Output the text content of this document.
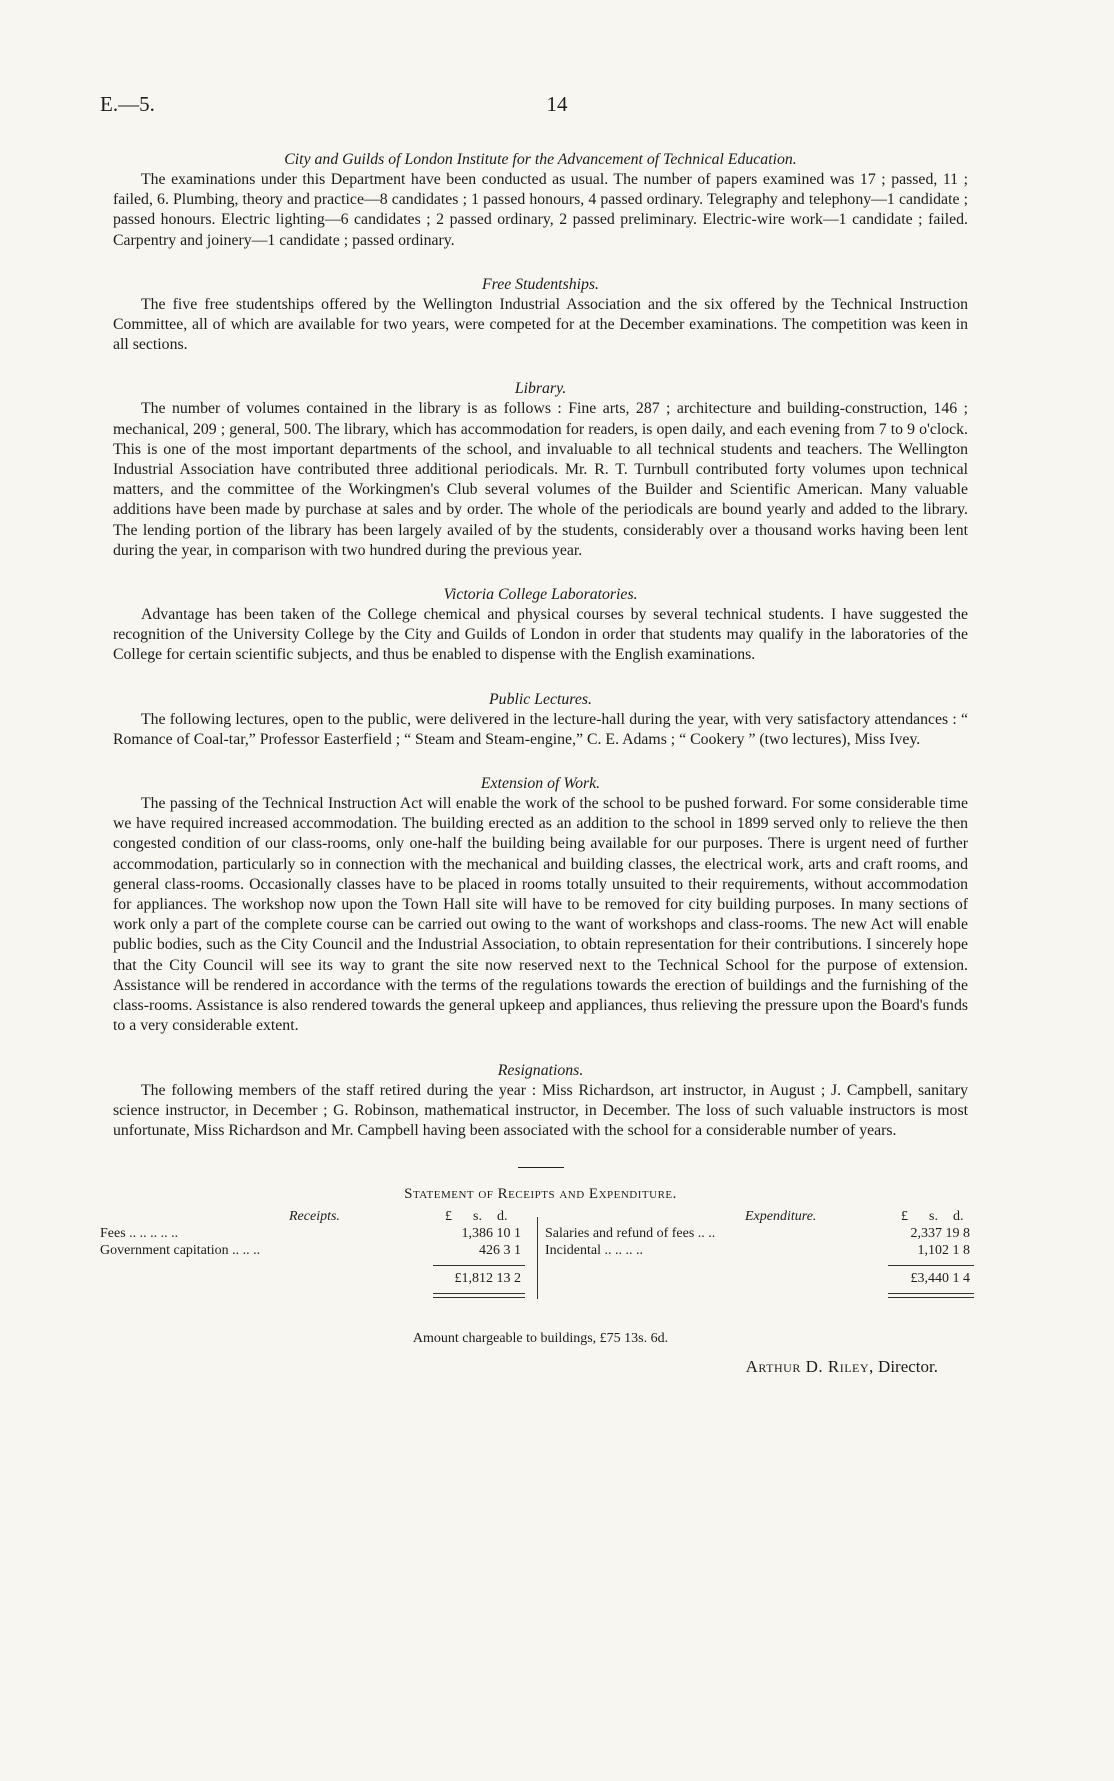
E.—5.	14
City and Guilds of London Institute for the Advancement of Technical Education.

The examinations under this Department have been conducted as usual. The number of papers examined was 17 ; passed, 11 ; failed, 6. Plumbing, theory and practice—8 candidates ; 1 passed honours, 4 passed ordinary. Telegraphy and telephony—1 candidate ; passed honours. Electric lighting—6 candidates ; 2 passed ordinary, 2 passed preliminary. Electric-wire work—1 candidate ; failed. Carpentry and joinery—1 candidate ; passed ordinary.

Free Studentships.

The five free studentships offered by the Wellington Industrial Association and the six offered by the Technical Instruction Committee, all of which are available for two years, were competed for at the December examinations. The competition was keen in all sections.

Library.

The number of volumes contained in the library is as follows : Fine arts, 287 ; architecture and building-construction, 146 ; mechanical, 209 ; general, 500. The library, which has accommodation for readers, is open daily, and each evening from 7 to 9 o'clock. This is one of the most important departments of the school, and invaluable to all technical students and teachers. The Wellington Industrial Association have contributed three additional periodicals. Mr. R. T. Turnbull contributed forty volumes upon technical matters, and the committee of the Workingmen's Club several volumes of the Builder and Scientific American. Many valuable additions have been made by purchase at sales and by order. The whole of the periodicals are bound yearly and added to the library. The lending portion of the library has been largely availed of by the students, considerably over a thousand works having been lent during the year, in comparison with two hundred during the previous year.

Victoria College Laboratories.

Advantage has been taken of the College chemical and physical courses by several technical students. I have suggested the recognition of the University College by the City and Guilds of London in order that students may qualify in the laboratories of the College for certain scientific subjects, and thus be enabled to dispense with the English examinations.

Public Lectures.

The following lectures, open to the public, were delivered in the lecture-hall during the year, with very satisfactory attendances : “ Romance of Coal-tar,” Professor Easterfield ; “ Steam and Steam-engine,” C. E. Adams ; “ Cookery ” (two lectures), Miss Ivey.

Extension of Work.

The passing of the Technical Instruction Act will enable the work of the school to be pushed forward. For some considerable time we have required increased accommodation. The building erected as an addition to the school in 1899 served only to relieve the then congested condition of our class-rooms, only one-half the building being available for our purposes. There is urgent need of further accommodation, particularly so in connection with the mechanical and building classes, the electrical work, arts and craft rooms, and general class-rooms. Occasionally classes have to be placed in rooms totally unsuited to their requirements, without accommodation for appliances. The workshop now upon the Town Hall site will have to be removed for city building purposes. In many sections of work only a part of the complete course can be carried out owing to the want of workshops and class-rooms. The new Act will enable public bodies, such as the City Council and the Industrial Association, to obtain representation for their contributions. I sincerely hope that the City Council will see its way to grant the site now reserved next to the Technical School for the purpose of extension. Assistance will be rendered in accordance with the terms of the regulations towards the erection of buildings and the furnishing of the class-rooms. Assistance is also rendered towards the general upkeep and appliances, thus relieving the pressure upon the Board's funds to a very considerable extent.

Resignations.

The following members of the staff retired during the year : Miss Richardson, art instructor, in August ; J. Campbell, sanitary science instructor, in December ; G. Robinson, mathematical instructor, in December. The loss of such valuable instructors is most unfortunate, Miss Richardson and Mr. Campbell having been associated with the school for a considerable number of years.

Statement of Receipts and Expenditure.
Receipts.	£ s. d.	Expenditure.	£ s. d.
Fees .. .. .. .. ..	1,386 10 1
Government capitation .. .. ..	426 3 1
Salaries and refund of fees .. ..	2,337 19 8
Incidental .. .. .. ..	1,102 1 8
£1,812 13 2	£3,440 1 4
Amount chargeable to buildings, £75 13s. 6d.
Arthur D. Riley, Director.
